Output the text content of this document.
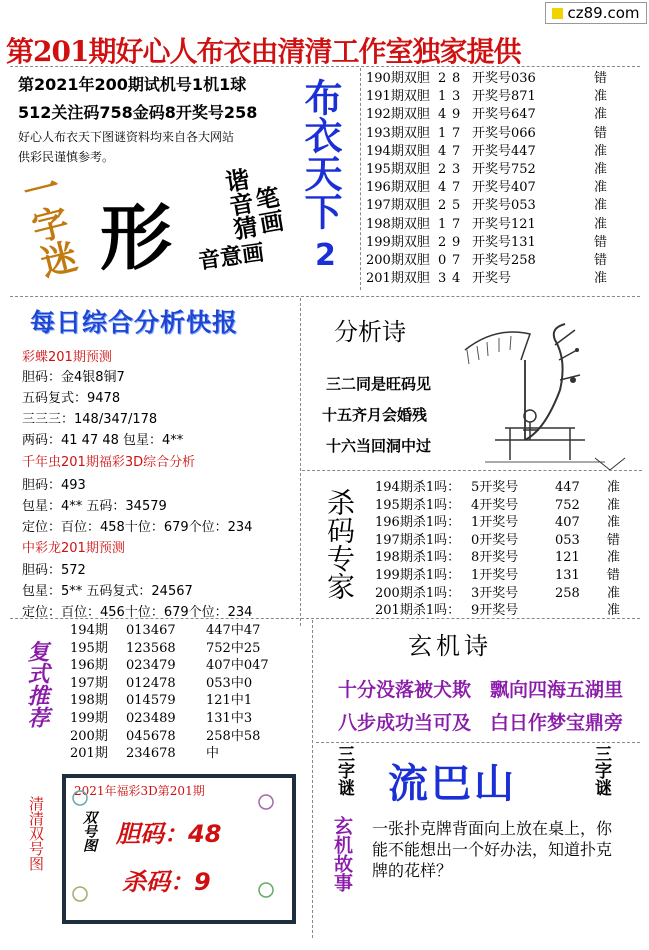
cz89.com
第201期好心人布衣由清清工作室独家提供
第2021年200期试机号1机1球
512关注码758金码8开奖号258
好心人布衣天下图谜资料均来自各大网站
供彩民谨慎参考。
一字迷 形 谐音猜
笔画
音意画
布衣天下
2
190期双胆 2 8 开奖号036	错
191期双胆 1 3 开奖号871	准
192期双胆 4 9 开奖号647	准
193期双胆 1 7 开奖号066	错
194期双胆 4 7 开奖号447	准
195期双胆 2 3 开奖号752	准
196期双胆 4 7 开奖号407	准
197期双胆 2 5 开奖号053	准
198期双胆 1 7 开奖号121	准
199期双胆 2 9 开奖号131	错
200期双胆 0 7 开奖号258	错
201期双胆 3 4 开奖号	准
每日综合分析快报
彩蝶201期预测
胆码：金4银8铜7
五码复式：9478
三三三：148/347/178
两码：41 47 48 包星：4**
千年虫201期福彩3D综合分析
胆码：493
包星：4** 五码：34579
定位：百位：458十位：679个位：234
中彩龙201期预测
胆码：572
包星：5** 五码复式：24567
定位：百位：456十位：679个位：234
分析诗
三二同是旺码见
十五齐月会婚残
十六当回洞中过
杀码专家
194期杀1吗： 5开奖号	447	准
195期杀1吗： 4开奖号	752	准
196期杀1吗： 1开奖号	407	准
197期杀1吗： 0开奖号	053	错
198期杀1吗： 8开奖号	121	准
199期杀1吗： 1开奖号	131	错
200期杀1吗： 3开奖号	258	准
201期杀1吗： 9开奖号	准
复式推荐
194期	013467	447中47
195期	123568	752中25
196期	023479	407中047
197期	012478	053中0
198期	014579	121中1
199期	023489	131中3
200期	045678	258中58
201期	234678	中
玄机诗
十分没落被犬欺 飘向四海五湖里
八步成功当可及 白日作梦宝鼎旁
三字谜 流巴山	三字谜
玄机故事 一张扑克牌背面向上放在桌上，你能不能想出一个好办法，知道扑克牌的花样？
清清双号图
2021年福彩3D第201期
双号图 胆码：48
杀码：9
